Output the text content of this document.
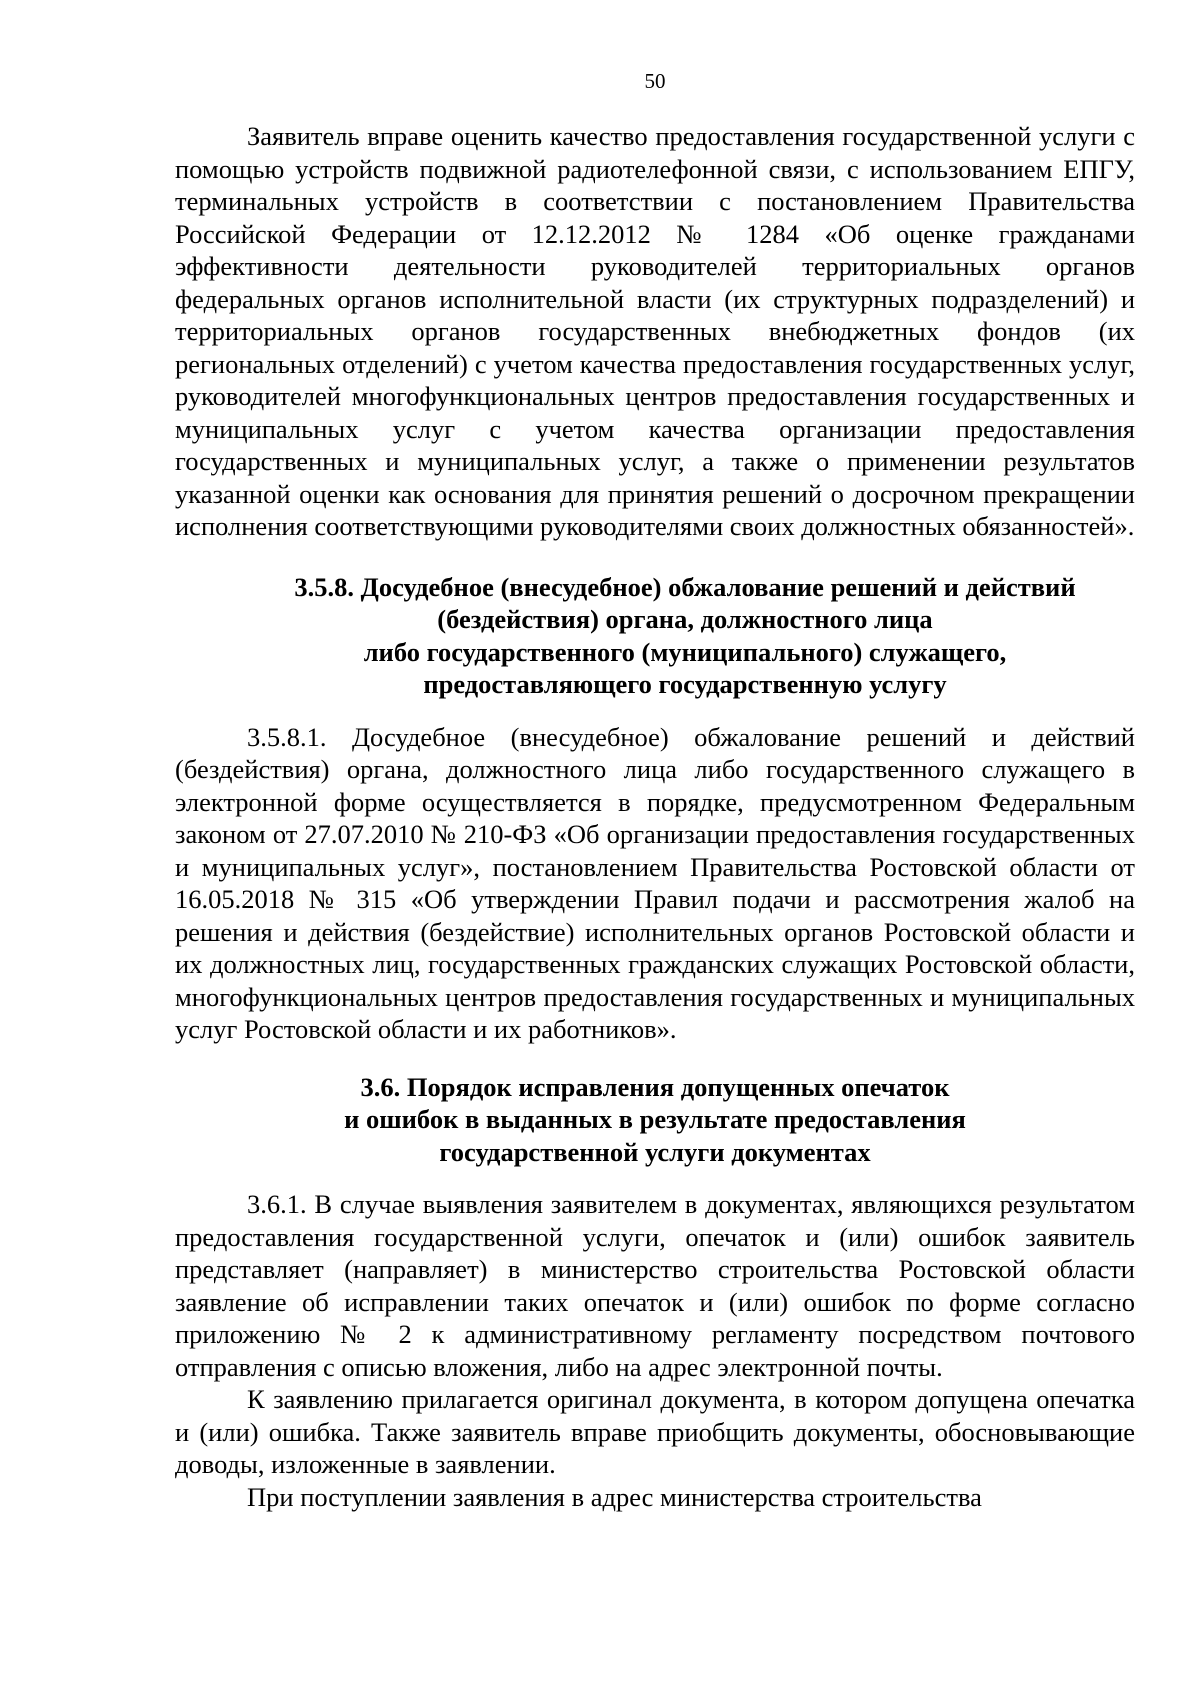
50

Заявитель вправе оценить качество предоставления государственной услуги с помощью устройств подвижной радиотелефонной связи, с использованием ЕПГУ, терминальных устройств в соответствии с постановлением Правительства Российской Федерации от 12.12.2012 № 1284 «Об оценке гражданами эффективности деятельности руководителей территориальных органов федеральных органов исполнительной власти (их структурных подразделений) и территориальных органов государственных внебюджетных фондов (их региональных отделений) с учетом качества предоставления государственных услуг, руководителей многофункциональных центров предоставления государственных и муниципальных услуг с учетом качества организации предоставления государственных и муниципальных услуг, а также о применении результатов указанной оценки как основания для принятия решений о досрочном прекращении исполнения соответствующими руководителями своих должностных обязанностей».

3.5.8. Досудебное (внесудебное) обжалование решений и действий
(бездействия) органа, должностного лица
либо государственного (муниципального) служащего,
предоставляющего государственную услугу

3.5.8.1. Досудебное (внесудебное) обжалование решений и действий (бездействия) органа, должностного лица либо государственного служащего в электронной форме осуществляется в порядке, предусмотренном Федеральным законом от 27.07.2010 № 210-ФЗ «Об организации предоставления государственных и муниципальных услуг», постановлением Правительства Ростовской области от 16.05.2018 № 315 «Об утверждении Правил подачи и рассмотрения жалоб на решения и действия (бездействие) исполнительных органов Ростовской области и их должностных лиц, государственных гражданских служащих Ростовской области, многофункциональных центров предоставления государственных и муниципальных услуг Ростовской области и их работников».

3.6. Порядок исправления допущенных опечаток
и ошибок в выданных в результате предоставления
государственной услуги документах

3.6.1. В случае выявления заявителем в документах, являющихся результатом предоставления государственной услуги, опечаток и (или) ошибок заявитель представляет (направляет) в министерство строительства Ростовской области заявление об исправлении таких опечаток и (или) ошибок по форме согласно приложению № 2 к административному регламенту посредством почтового отправления с описью вложения, либо на адрес электронной почты.

К заявлению прилагается оригинал документа, в котором допущена опечатка и (или) ошибка. Также заявитель вправе приобщить документы, обосновывающие доводы, изложенные в заявлении.

При поступлении заявления в адрес министерства строительства
